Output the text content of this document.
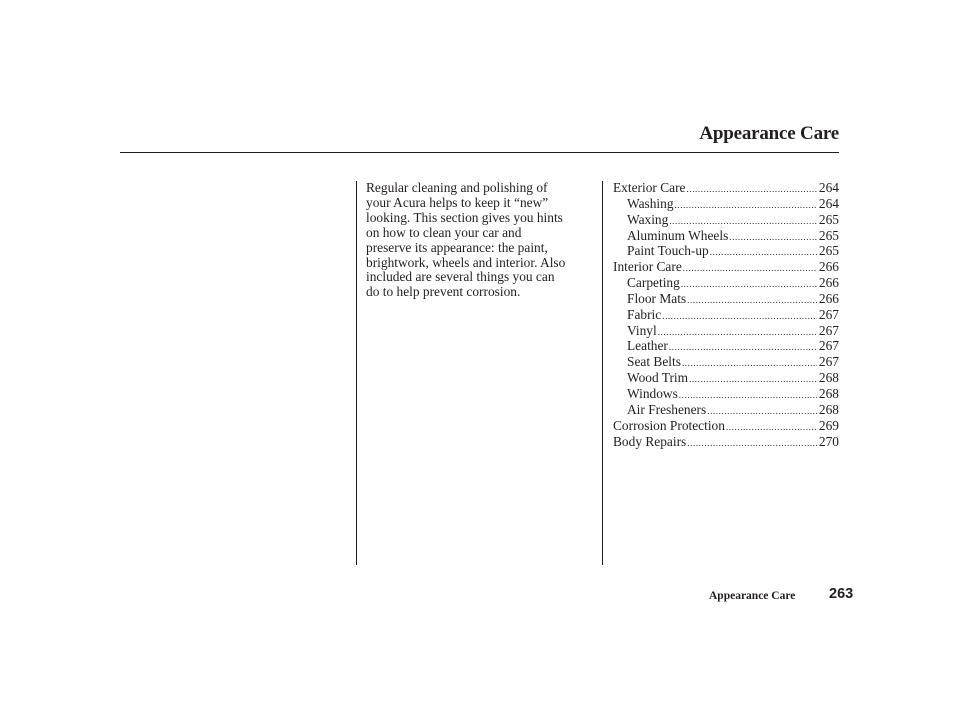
Appearance Care

Regular cleaning and polishing of
your Acura helps to keep it “new”
looking. This section gives you hints
on how to clean your car and
preserve its appearance: the paint,
brightwork, wheels and interior. Also
included are several things you can
do to help prevent corrosion.

Exterior Care .....	264
Washing .....	264
Waxing .....	265
Aluminum Wheels .....	265
Paint Touch-up .....	265
Interior Care .....	266
Carpeting .....	266
Floor Mats .....	266
Fabric .....	267
Vinyl .....	267
Leather .....	267
Seat Belts .....	267
Wood Trim .....	268
Windows .....	268
Air Fresheners .....	268
Corrosion Protection .....	269
Body Repairs .....	270
Appearance Care 263
